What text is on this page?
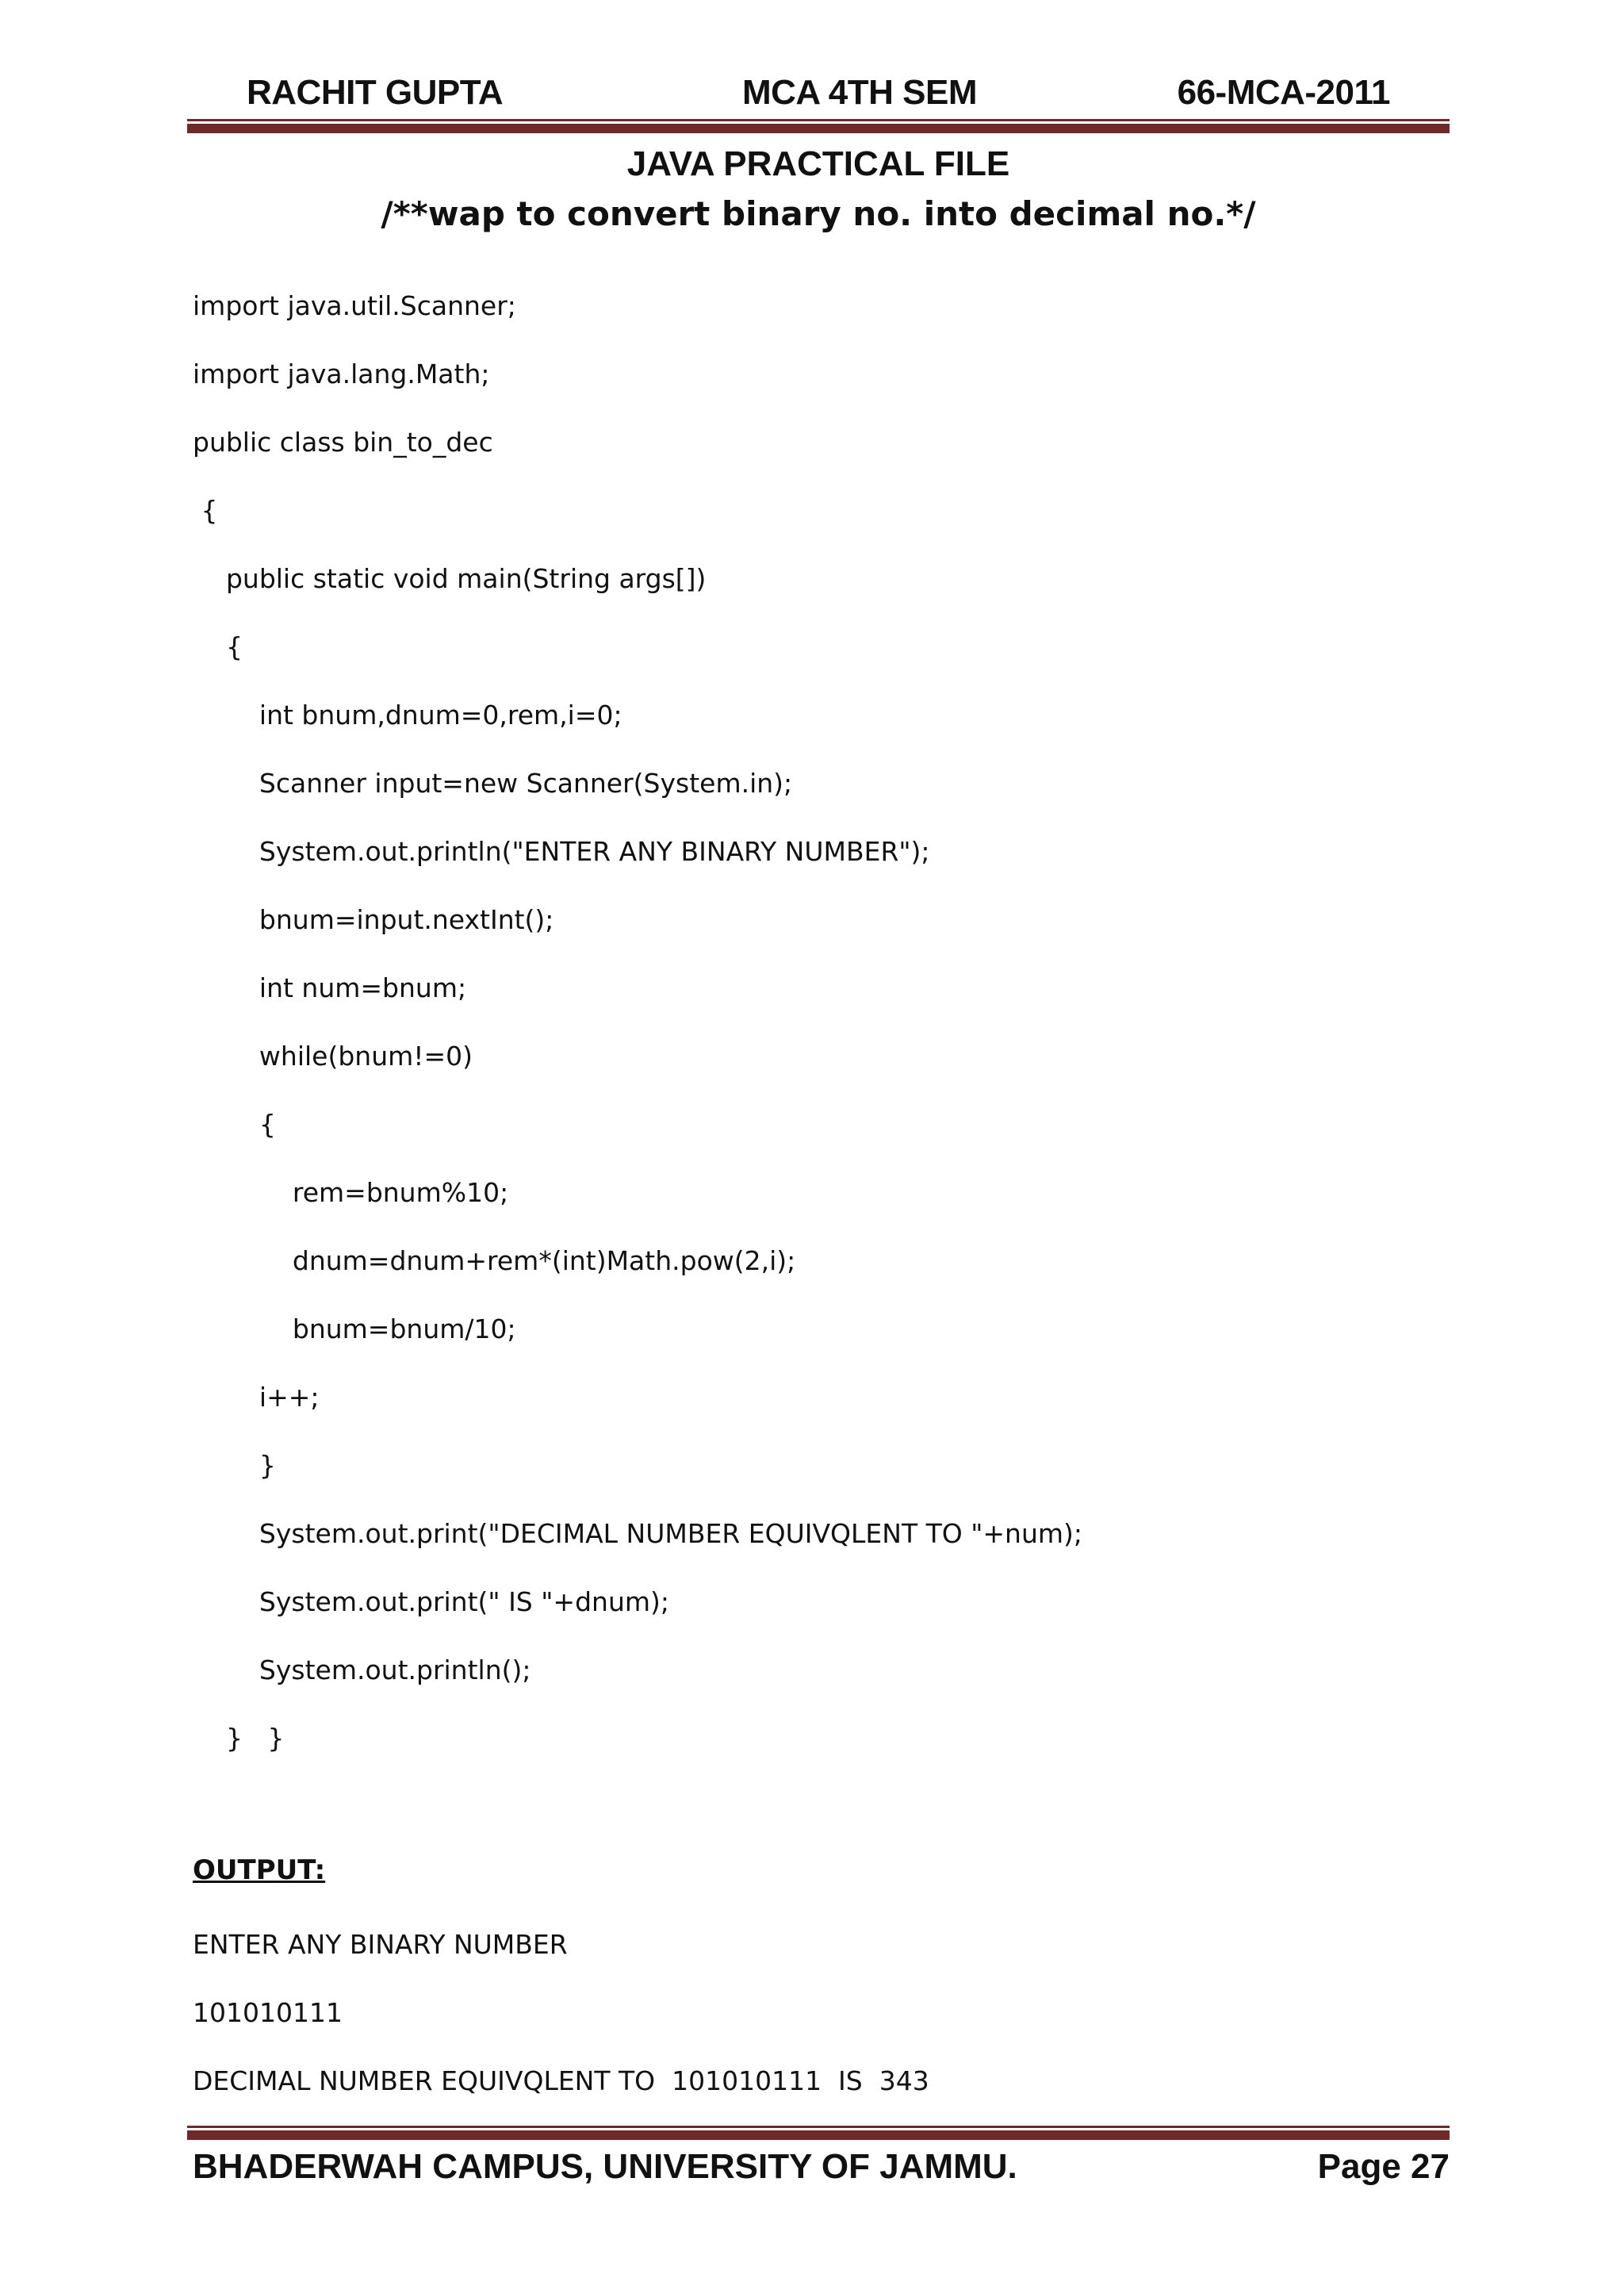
RACHIT GUPTA	MCA 4TH SEM	66-MCA-2011
JAVA PRACTICAL FILE
/**wap to convert binary no. into decimal no.*/
import java.util.Scanner;
import java.lang.Math;
public class bin_to_dec
{
public static void main(String args[])
{
int bnum,dnum=0,rem,i=0;
Scanner input=new Scanner(System.in);
System.out.println("ENTER ANY BINARY NUMBER");
bnum=input.nextInt();
int num=bnum;
while(bnum!=0)
{
rem=bnum%10;
dnum=dnum+rem*(int)Math.pow(2,i);
bnum=bnum/10;
i++;
}
System.out.print("DECIMAL NUMBER EQUIVQLENT TO "+num);
System.out.print(" IS "+dnum);
System.out.println();
}   }
OUTPUT:
ENTER ANY BINARY NUMBER
101010111
DECIMAL NUMBER EQUIVQLENT TO  101010111  IS  343
BHADERWAH CAMPUS, UNIVERSITY OF JAMMU.	Page 27
